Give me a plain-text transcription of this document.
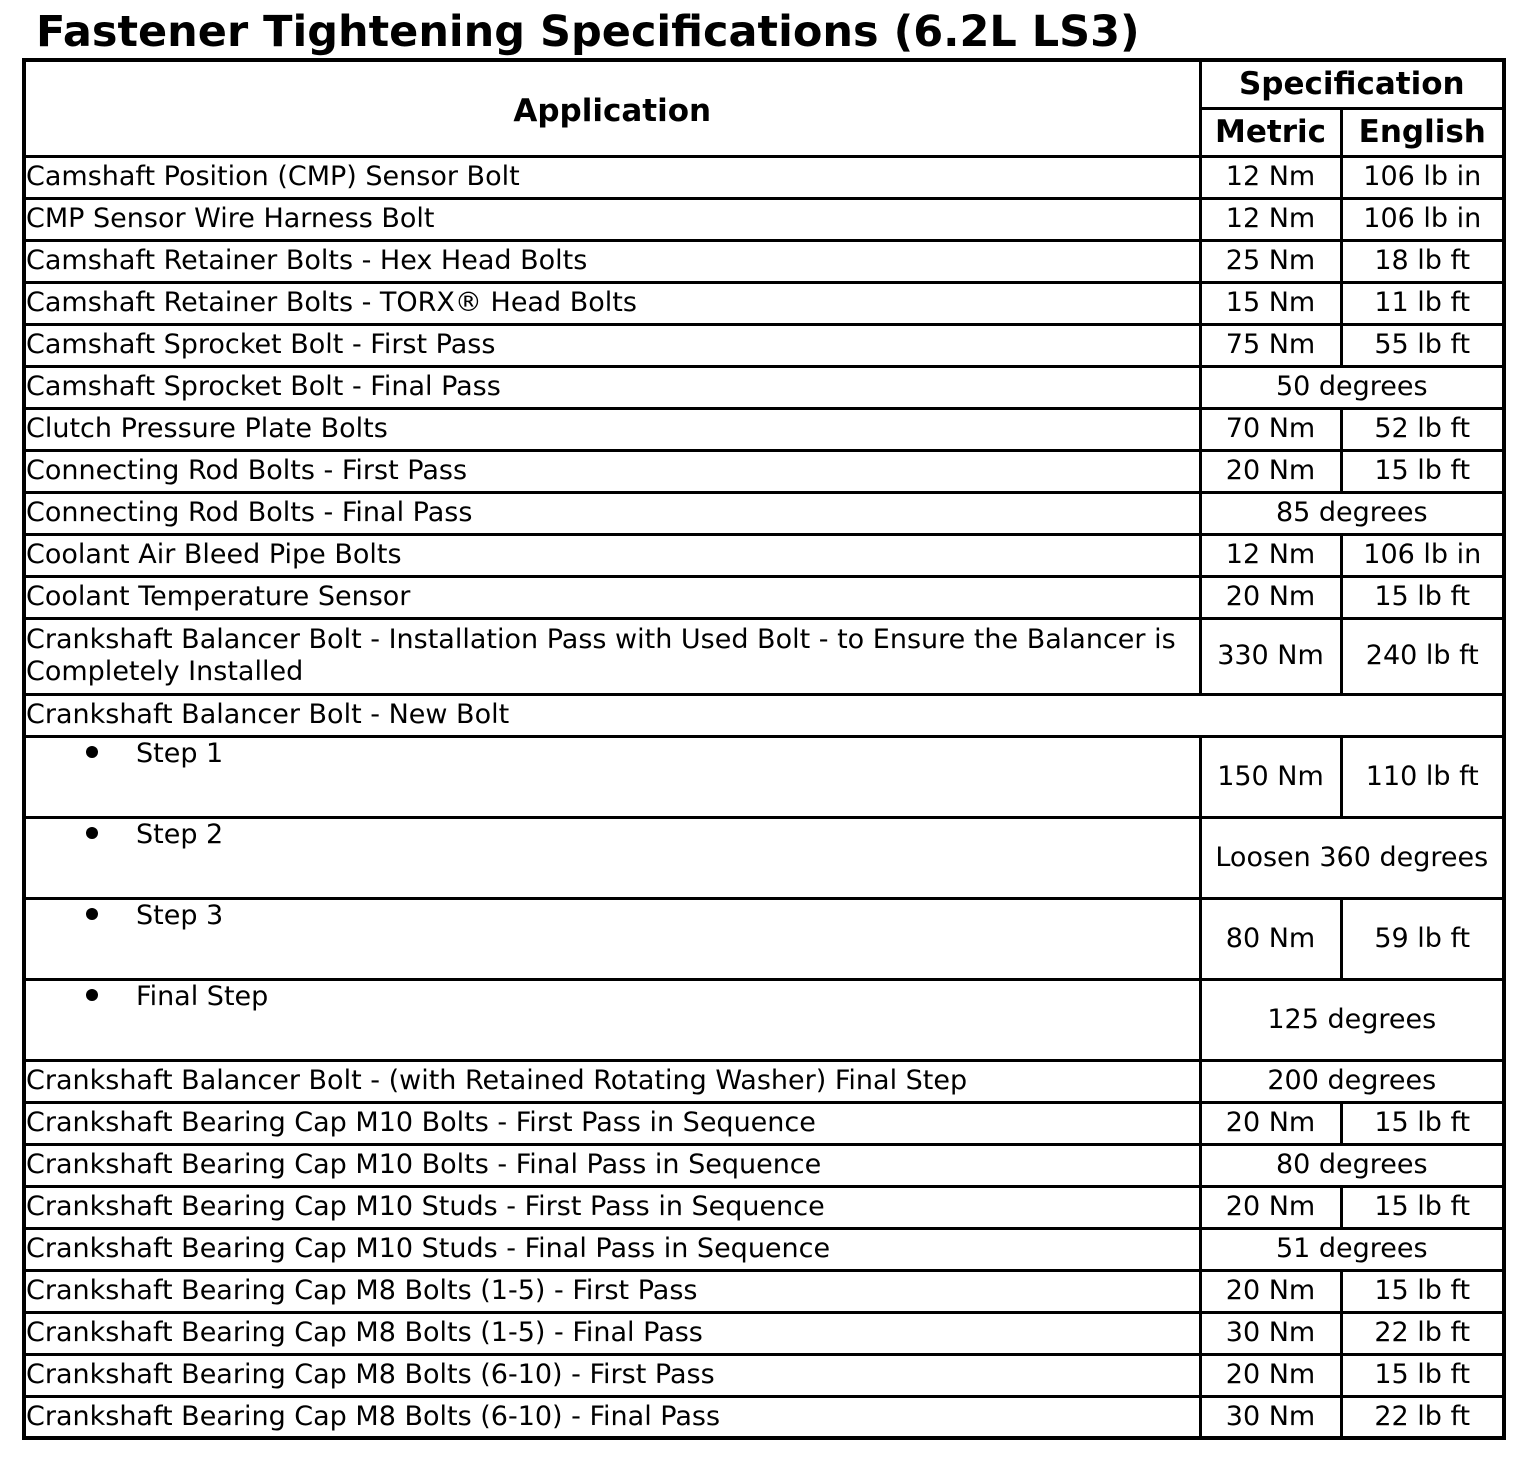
Fastener Tightening Specifications (6.2L LS3)
Application	Specification	
	Metric	English
Camshaft Position (CMP) Sensor Bolt	12 Nm	106 lb in
CMP Sensor Wire Harness Bolt	12 Nm	106 lb in
Camshaft Retainer Bolts - Hex Head Bolts	25 Nm	18 lb ft
Camshaft Retainer Bolts - TORX® Head Bolts	15 Nm	11 lb ft
Camshaft Sprocket Bolt - First Pass	75 Nm	55 lb ft
Camshaft Sprocket Bolt - Final Pass	50 degrees	
Clutch Pressure Plate Bolts	70 Nm	52 lb ft
Connecting Rod Bolts - First Pass	20 Nm	15 lb ft
Connecting Rod Bolts - Final Pass	85 degrees	
Coolant Air Bleed Pipe Bolts	12 Nm	106 lb in
Coolant Temperature Sensor	20 Nm	15 lb ft
Crankshaft Balancer Bolt - Installation Pass with Used Bolt - to Ensure the Balancer is Completely Installed	330 Nm	240 lb ft
Crankshaft Balancer Bolt - New Bolt		
Step 1	150 Nm	110 lb ft
Step 2	Loosen 360 degrees	
Step 3	80 Nm	59 lb ft
Final Step	125 degrees	
Crankshaft Balancer Bolt - (with Retained Rotating Washer) Final Step	200 degrees	
Crankshaft Bearing Cap M10 Bolts - First Pass in Sequence	20 Nm	15 lb ft
Crankshaft Bearing Cap M10 Bolts - Final Pass in Sequence	80 degrees	
Crankshaft Bearing Cap M10 Studs - First Pass in Sequence	20 Nm	15 lb ft
Crankshaft Bearing Cap M10 Studs - Final Pass in Sequence	51 degrees	
Crankshaft Bearing Cap M8 Bolts (1-5) - First Pass	20 Nm	15 lb ft
Crankshaft Bearing Cap M8 Bolts (1-5) - Final Pass	30 Nm	22 lb ft
Crankshaft Bearing Cap M8 Bolts (6-10) - First Pass	20 Nm	15 lb ft
Crankshaft Bearing Cap M8 Bolts (6-10) - Final Pass	30 Nm	22 lb ft
